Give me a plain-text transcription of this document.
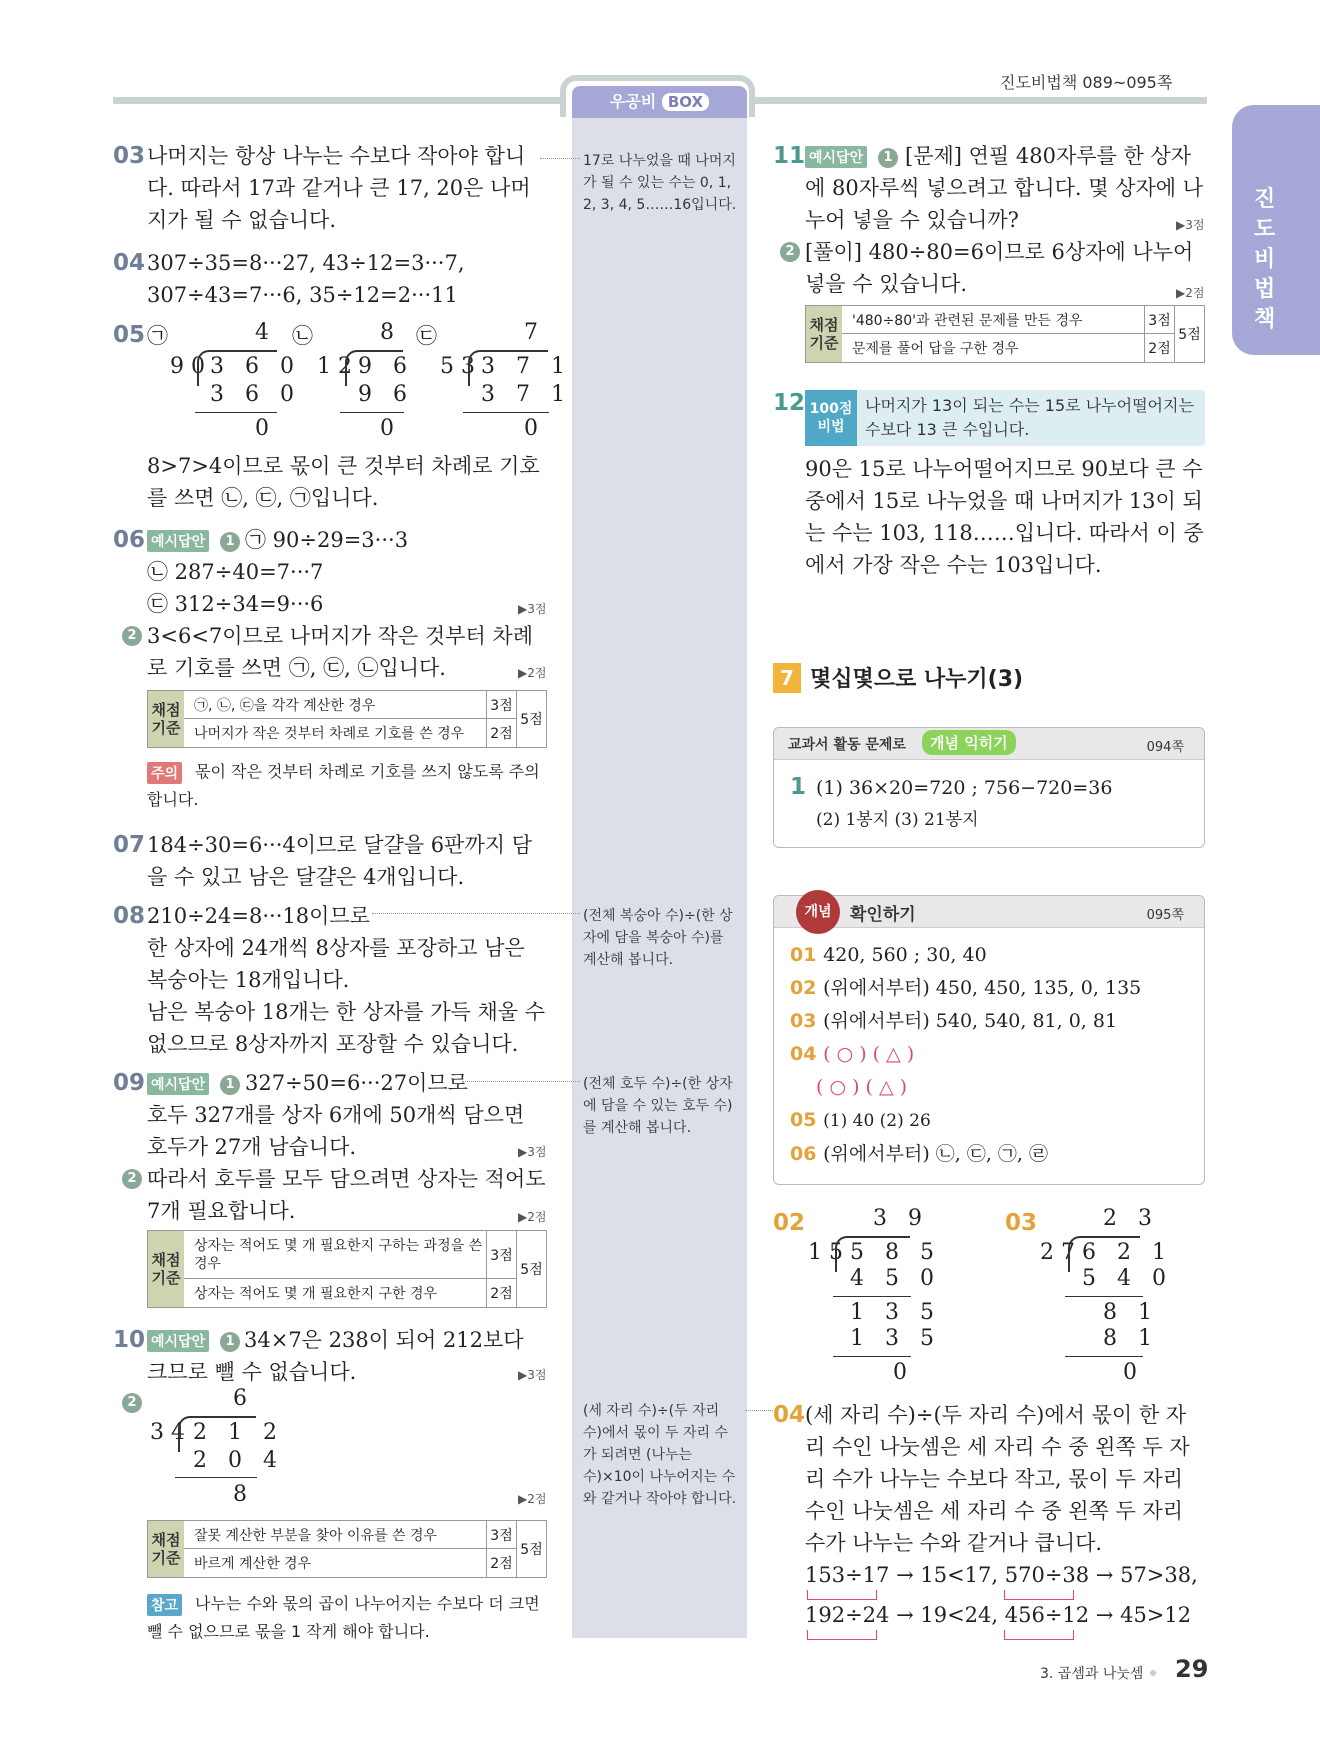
진도비법책 089~095쪽
우공비 BOX
진도비법책
03 나머지는 항상 나누는 수보다 작아야 합니다. 따라서 17과 같거나 큰 17, 20은 나머지가 될 수 없습니다.
04 307÷35=8···27, 43÷12=3···7,
307÷43=7···6, 35÷12=2···11
05 ㉠	4
90
3 6 0
3 6 0
0
㉡	8
12 9 6
9 6
0
㉢	7
53 3 7 1
3 7 1
0
8>7>4이므로 몫이 큰 것부터 차례로 기호를 쓰면 ㉡, ㉢, ㉠입니다.
06 예시답안	1 ㉠ 90÷29=3···3
㉡ 287÷40=7···7
㉢ 312÷34=9···6	▶3점
2 3<6<7이므로 나머지가 작은 것부터 차례로 기호를 쓰면 ㉠, ㉢, ㉡입니다.	▶2점
채점 기준
㉠, ㉡, ㉢을 각각 계산한 경우	3점
나머지가 작은 것부터 차례로 기호를 쓴 경우	2점
5점
주의	몫이 작은 것부터 차례로 기호를 쓰지 않도록 주의합니다.
07 184÷30=6···4이므로 달걀을 6판까지 담을 수 있고 남은 달걀은 4개입니다.
08 210÷24=8···18이므로
한 상자에 24개씩 8상자를 포장하고 남은 복숭아는 18개입니다.
남은 복숭아 18개는 한 상자를 가득 채울 수 없으므로 8상자까지 포장할 수 있습니다.
09 예시답안	1 327÷50=6···27이므로
호두 327개를 상자 6개에 50개씩 담으면 호두가 27개 남습니다.	▶3점
2 따라서 호두를 모두 담으려면 상자는 적어도 7개 필요합니다.	▶2점
채점 기준
상자는 적어도 몇 개 필요한지 구하는 과정을 쓴 경우	3점
상자는 적어도 몇 개 필요한지 구한 경우	2점
5점
10 예시답안	1 34×7은 238이 되어 212보다 크므로 뺄 수 없습니다.	▶3점
2	6
34 2 1 2
2 0 4
8	▶2점
채점 기준
잘못 계산한 부분을 찾아 이유를 쓴 경우	3점
바르게 계산한 경우	2점
5점
참고	나누는 수와 몫의 곱이 나누어지는 수보다 더 크면 뺄 수 없으므로 몫을 1 작게 해야 합니다.
17로 나누었을 때 나머지가 될 수 있는 수는 0, 1, 2, 3, 4, 5……16입니다.
(전체 복숭아 수)÷(한 상자에 담을 복숭아 수)를 계산해 봅니다.
(전체 호두 수)÷(한 상자에 담을 수 있는 호두 수)를 계산해 봅니다.
(세 자리 수)÷(두 자리 수)에서 몫이 두 자리 수가 되려면 (나누는 수)×10이 나누어지는 수와 같거나 작아야 합니다.
11 예시답안	1 [문제] 연필 480자루를 한 상자에 80자루씩 넣으려고 합니다. 몇 상자에 나누어 넣을 수 있습니까?	▶3점
2 [풀이] 480÷80=6이므로 6상자에 나누어 넣을 수 있습니다.	▶2점
채점 기준
'480÷80'과 관련된 문제를 만든 경우	3점
문제를 풀어 답을 구한 경우	2점
5점
12 100점 비법
나머지가 13이 되는 수는 15로 나누어떨어지는 수보다 13 큰 수입니다.
90은 15로 나누어떨어지므로 90보다 큰 수 중에서 15로 나누었을 때 나머지가 13이 되는 수는 103, 118……입니다. 따라서 이 중에서 가장 작은 수는 103입니다.
7 몇십몇으로 나누기(3)
교과서 활동 문제로	개념 익히기	094쪽
1 (1) 36×20=720 ; 756−720=36
(2) 1봉지 (3) 21봉지
개념	확인하기	095쪽
01 420, 560 ; 30, 40
02 (위에서부터) 450, 450, 135, 0, 135
03 (위에서부터) 540, 540, 81, 0, 81
04 ( ○ ) ( △ )
( ○ ) ( △ )
05 (1) 40 (2) 26
06 (위에서부터) ㉡, ㉢, ㉠, ㉣
02	3 9
15 5 8 5
4 5 0
1 3 5
1 3 5
0
03	2 3
27 6 2 1
5 4 0
8 1
8 1
0
04 (세 자리 수)÷(두 자리 수)에서 몫이 한 자리 수인 나눗셈은 세 자리 수 중 왼쪽 두 자리 수가 나누는 수보다 작고, 몫이 두 자리 수인 나눗셈은 세 자리 수 중 왼쪽 두 자리 수가 나누는 수와 같거나 큽니다.
153÷17 → 15<17, 570÷38 → 57>38,
192÷24 → 19<24, 456÷12 → 45>12
3. 곱셈과 나눗셈 29
